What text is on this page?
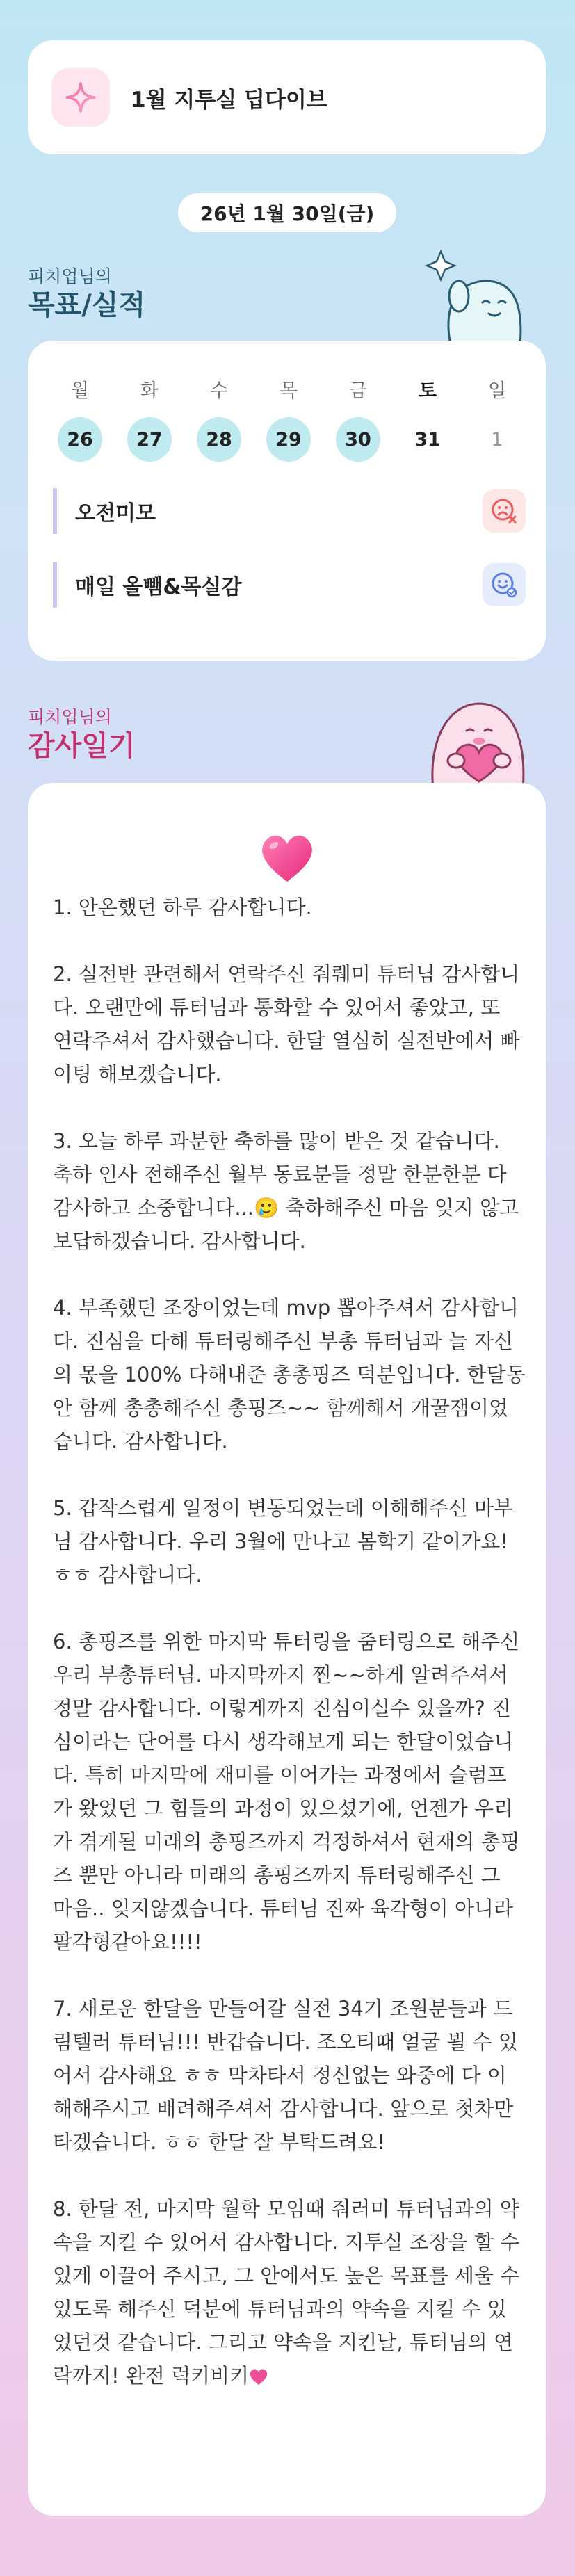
1월 지투실 딥다이브
26년 1월 30일(금)
피치업님의
목표/실적
월
26
화
27
수
28
목
29
금
30
토
31
일
1
오전미모
매일 올뺌&목실감
피치업님의
감사일기

1. 안온했던 하루 감사합니다.

2. 실전반 관련해서 연락주신 줘뤠미 튜터님 감사합니다. 오랜만에 튜터님과 통화할 수 있어서 좋았고, 또 연락주셔서 감사했습니다. 한달 열심히 실전반에서 빠이팅 해보겠습니다.

3. 오늘 하루 과분한 축하를 많이 받은 것 같습니다. 축하 인사 전해주신 월부 동료분들 정말 한분한분 다 감사하고 소중합니다...🥲 축하해주신 마음 잊지 않고 보답하겠습니다. 감사합니다.

4. 부족했던 조장이었는데 mvp 뽑아주셔서 감사합니다. 진심을 다해 튜터링해주신 부총 튜터님과 늘 자신의 몫을 100% 다해내준 총총핑즈 덕분입니다. 한달동안 함께 총총해주신 총핑즈~~ 함께해서 개꿀잼이었습니다. 감사합니다.

5. 갑작스럽게 일정이 변동되었는데 이해해주신 마부님 감사합니다. 우리 3월에 만나고 봄학기 같이가요! ㅎㅎ 감사합니다.

6. 총핑즈를 위한 마지막 튜터링을 줌터링으로 해주신 우리 부총튜터님. 마지막까지 찐~~하게 알려주셔서 정말 감사합니다. 이렇게까지 진심이실수 있을까? 진심이라는 단어를 다시 생각해보게 되는 한달이었습니다. 특히 마지막에 재미를 이어가는 과정에서 슬럼프가 왔었던 그 힘들의 과정이 있으셨기에, 언젠가 우리가 겪게될 미래의 총핑즈까지 걱정하셔서 현재의 총핑즈 뿐만 아니라 미래의 총핑즈까지 튜터링해주신 그 마음.. 잊지않겠습니다. 튜터님 진짜 육각형이 아니라 팔각형같아요!!!!

7. 새로운 한달을 만들어갈 실전 34기 조원분들과 드림텔러 튜터님!!! 반갑습니다. 조오티때 얼굴 뵐 수 있어서 감사해요 ㅎㅎ 막차타서 정신없는 와중에 다 이해해주시고 배려해주셔서 감사합니다. 앞으로 첫차만 타겠습니다. ㅎㅎ 한달 잘 부탁드려요!

8. 한달 전, 마지막 월학 모임때 줘러미 튜터님과의 약속을 지킬 수 있어서 감사합니다. 지투실 조장을 할 수 있게 이끌어 주시고, 그 안에서도 높은 목표를 세울 수 있도록 해주신 덕분에 튜터님과의 약속을 지킬 수 있었던것 같습니다. 그리고 약속을 지킨날, 튜터님의 연락까지! 완전 럭키비키
